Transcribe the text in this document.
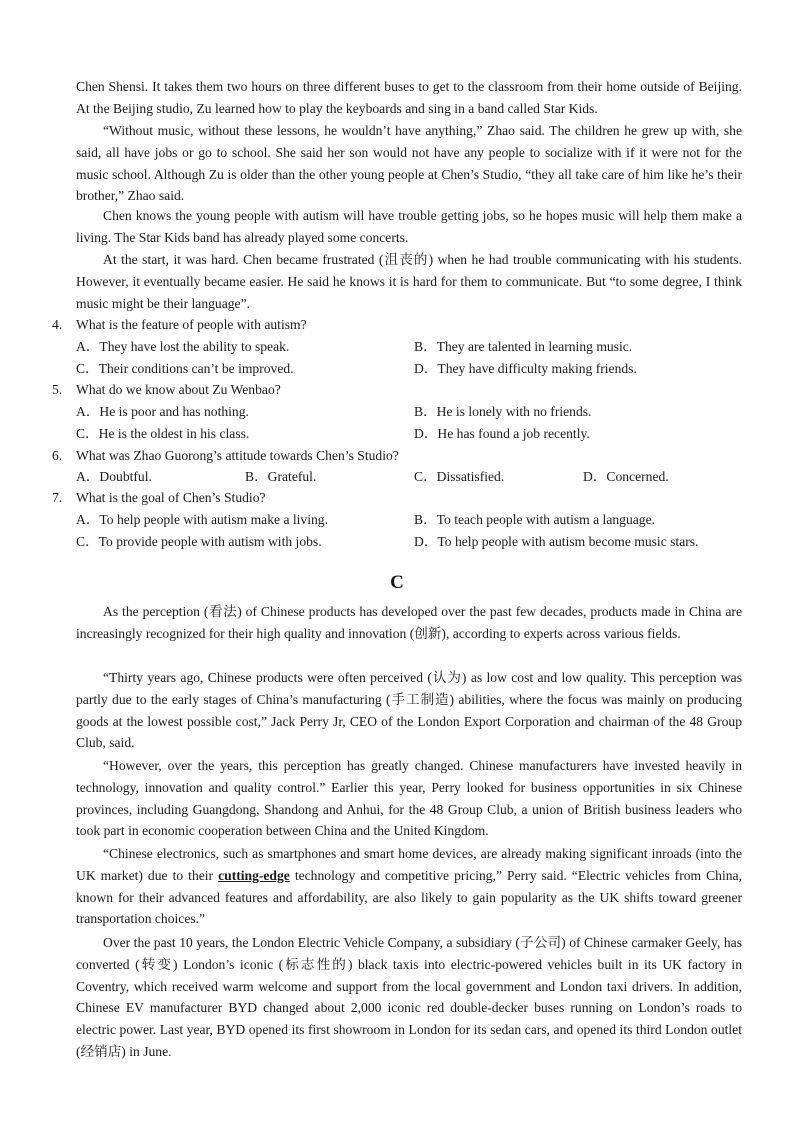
Chen Shensi. It takes them two hours on three different buses to get to the classroom from their home outside of Beijing. At the Beijing studio, Zu learned how to play the keyboards and sing in a band called Star Kids.

“Without music, without these lessons, he wouldn’t have anything,” Zhao said. The children he grew up with, she said, all have jobs or go to school. She said her son would not have any people to socialize with if it were not for the music school. Although Zu is older than the other young people at Chen’s Studio, “they all take care of him like he’s their brother,” Zhao said.

Chen knows the young people with autism will have trouble getting jobs, so he hopes music will help them make a living. The Star Kids band has already played some concerts.

At the start, it was hard. Chen became frustrated (沮丧的) when he had trouble communicating with his students. However, it eventually became easier. He said he knows it is hard for them to communicate. But “to some degree, I think music might be their language”.

4. What is the feature of people with autism?
A．They have lost the ability to speak.	B．They are talented in learning music.
C．Their conditions can’t be improved.	D．They have difficulty making friends.
5. What do we know about Zu Wenbao?
A．He is poor and has nothing.	B．He is lonely with no friends.
C．He is the oldest in his class.	D．He has found a job recently.
6. What was Zhao Guorong’s attitude towards Chen’s Studio?
A．Doubtful.	B．Grateful.	C．Dissatisfied.	D．Concerned.
7. What is the goal of Chen’s Studio?
A．To help people with autism make a living.	B．To teach people with autism a language.
C．To provide people with autism with jobs.	D．To help people with autism become music stars.
C

As the perception (看法) of Chinese products has developed over the past few decades, products made in China are increasingly recognized for their high quality and innovation (创新), according to experts across various fields.

“Thirty years ago, Chinese products were often perceived (认为) as low cost and low quality. This perception was partly due to the early stages of China’s manufacturing (手工制造) abilities, where the focus was mainly on producing goods at the lowest possible cost,” Jack Perry Jr, CEO of the London Export Corporation and chairman of the 48 Group Club, said.

“However, over the years, this perception has greatly changed. Chinese manufacturers have invested heavily in technology, innovation and quality control.” Earlier this year, Perry looked for business opportunities in six Chinese provinces, including Guangdong, Shandong and Anhui, for the 48 Group Club, a union of British business leaders who took part in economic cooperation between China and the United Kingdom.

“Chinese electronics, such as smartphones and smart home devices, are already making significant inroads (into the UK market) due to their cutting-edge technology and competitive pricing,” Perry said. “Electric vehicles from China, known for their advanced features and affordability, are also likely to gain popularity as the UK shifts toward greener transportation choices.”

Over the past 10 years, the London Electric Vehicle Company, a subsidiary (子公司) of Chinese carmaker Geely, has converted (转变) London’s iconic (标志性的) black taxis into electric-powered vehicles built in its UK factory in Coventry, which received warm welcome and support from the local government and London taxi drivers. In addition, Chinese EV manufacturer BYD changed about 2,000 iconic red double-decker buses running on London’s roads to electric power. Last year, BYD opened its first showroom in London for its sedan cars, and opened its third London outlet (经销店) in June.
